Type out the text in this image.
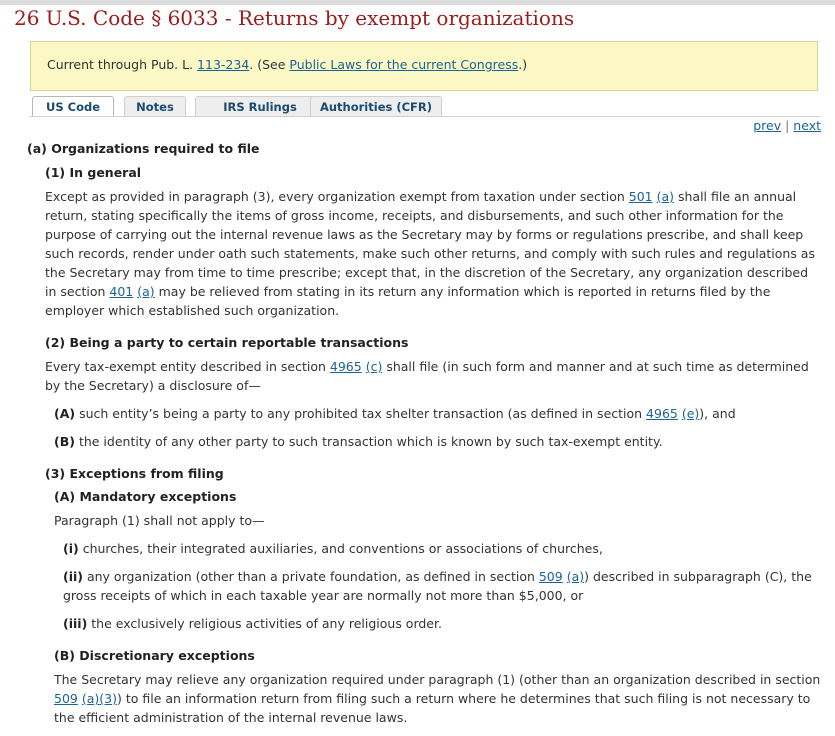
26 U.S. Code § 6033 - Returns by exempt organizations
Current through Pub. L. 113-234. (See Public Laws for the current Congress.)
US Code	Notes	IRS Rulings	Authorities (CFR)
prev | next

(a) Organizations required to file

(1) In general

Except as provided in paragraph (3), every organization exempt from taxation under section 501 (a) shall file an annual return, stating specifically the items of gross income, receipts, and disbursements, and such other information for the purpose of carrying out the internal revenue laws as the Secretary may by forms or regulations prescribe, and shall keep such records, render under oath such statements, make such other returns, and comply with such rules and regulations as the Secretary may from time to time prescribe; except that, in the discretion of the Secretary, any organization described in section 401 (a) may be relieved from stating in its return any information which is reported in returns filed by the employer which established such organization.

(2) Being a party to certain reportable transactions

Every tax-exempt entity described in section 4965 (c) shall file (in such form and manner and at such time as determined by the Secretary) a disclosure of—

(A) such entity’s being a party to any prohibited tax shelter transaction (as defined in section 4965 (e)), and

(B) the identity of any other party to such transaction which is known by such tax-exempt entity.

(3) Exceptions from filing

(A) Mandatory exceptions

Paragraph (1) shall not apply to—

(i) churches, their integrated auxiliaries, and conventions or associations of churches,

(ii) any organization (other than a private foundation, as defined in section 509 (a)) described in subparagraph (C), the gross receipts of which in each taxable year are normally not more than $5,000, or

(iii) the exclusively religious activities of any religious order.

(B) Discretionary exceptions

The Secretary may relieve any organization required under paragraph (1) (other than an organization described in section 509 (a)(3)) to file an information return from filing such a return where he determines that such filing is not necessary to the efficient administration of the internal revenue laws.
